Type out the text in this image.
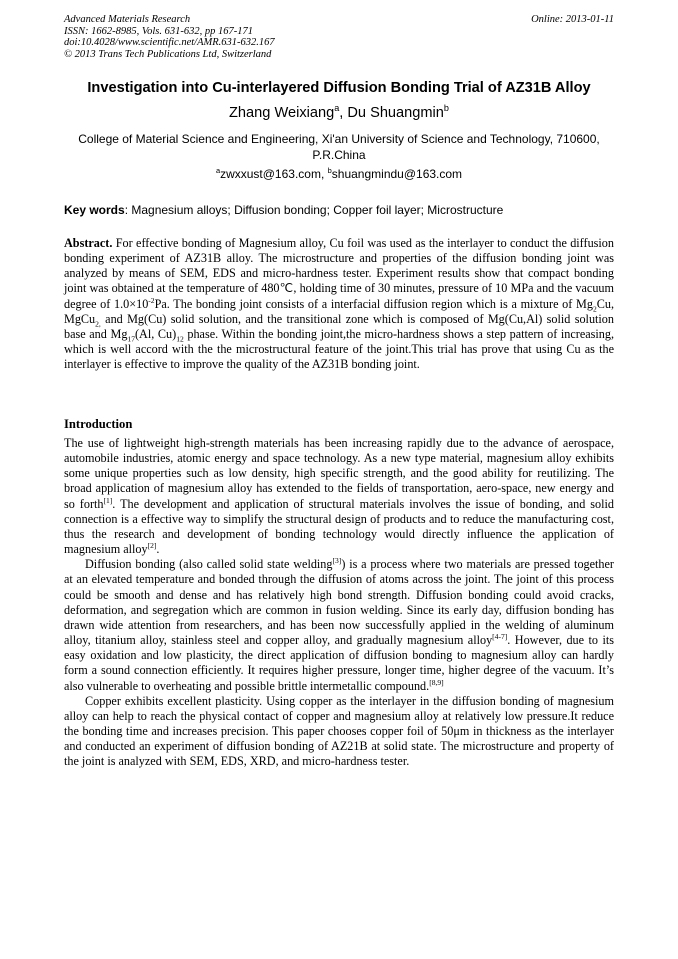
Advanced Materials Research
ISSN: 1662-8985, Vols. 631-632, pp 167-171
doi:10.4028/www.scientific.net/AMR.631-632.167
© 2013 Trans Tech Publications Ltd, Switzerland
Online: 2013-01-11
Investigation into Cu-interlayered Diffusion Bonding Trial of AZ31B Alloy
Zhang Weixiang$^a$, Du Shuangmin$^b$
College of Material Science and Engineering, Xi'an University of Science and Technology, 710600, P.R.China
$^a$zwxxust@163.com, $^b$shuangmindu@163.com
Key words: Magnesium alloys; Diffusion bonding; Copper foil layer; Microstructure
Abstract. For effective bonding of Magnesium alloy, Cu foil was used as the interlayer to conduct the diffusion bonding experiment of AZ31B alloy. The microstructure and properties of the diffusion bonding joint was analyzed by means of SEM, EDS and micro-hardness tester. Experiment results show that compact bonding joint was obtained at the temperature of 480℃, holding time of 30 minutes, pressure of 10 MPa and the vacuum degree of $1.0\times 10^{-2}Pa$. The bonding joint consists of a interfacial diffusion region which is a mixture of $Mg_2Cu$, MgCu$_{2,}$ and Mg(Cu) solid solution, and the transitional zone which is composed of Mg(Cu,Al) solid solution base and $Mg_{17}(Al$, $Cu)_{12}$ phase. Within the bonding joint,the micro-hardness shows a step pattern of increasing, which is well accord with the the microstructural feature of the joint.This trial has prove that using Cu as the interlayer is effective to improve the quality of the AZ31B bonding joint.
Introduction

The use of lightweight high-strength materials has been increasing rapidly due to the advance of aerospace, automobile industries, atomic energy and space technology. As a new type material, magnesium alloy exhibits some unique properties such as low density, high specific strength, and the good ability for reutilizing. The broad application of magnesium alloy has extended to the fields of transportation, aero-space, new energy and so forth[1]. The development and application of structural materials involves the issue of bonding, and solid connection is a effective way to simplify the structural design of products and to reduce the manufacturing cost, thus the research and development of bonding technology would directly influence the application of magnesium alloy[2].

Diffusion bonding (also called solid state welding[3]) is a process where two materials are pressed together at an elevated temperature and bonded through the diffusion of atoms across the joint. The joint of this process could be smooth and dense and has relatively high bond strength. Diffusion bonding could avoid cracks, deformation, and segregation which are common in fusion welding. Since its early day, diffusion bonding has drawn wide attention from researchers, and has been now successfully applied in the welding of aluminum alloy, titanium alloy, stainless steel and copper alloy, and gradually magnesium alloy[4-7]. However, due to its easy oxidation and low plasticity, the direct application of diffusion bonding to magnesium alloy can hardly form a sound connection efficiently. It requires higher pressure, longer time, higher degree of the vacuum. It’s also vulnerable to overheating and possible brittle intermetallic compound.[8,9]

Copper exhibits excellent plasticity. Using copper as the interlayer in the diffusion bonding of magnesium alloy can help to reach the physical contact of copper and magnesium alloy at relatively low pressure.It reduce the bonding time and increases precision. This paper chooses copper foil of 50μm in thickness as the interlayer and conducted an experiment of diffusion bonding of AZ21B at solid state. The microstructure and property of the joint is analyzed with SEM, EDS, XRD, and micro-hardness tester.
